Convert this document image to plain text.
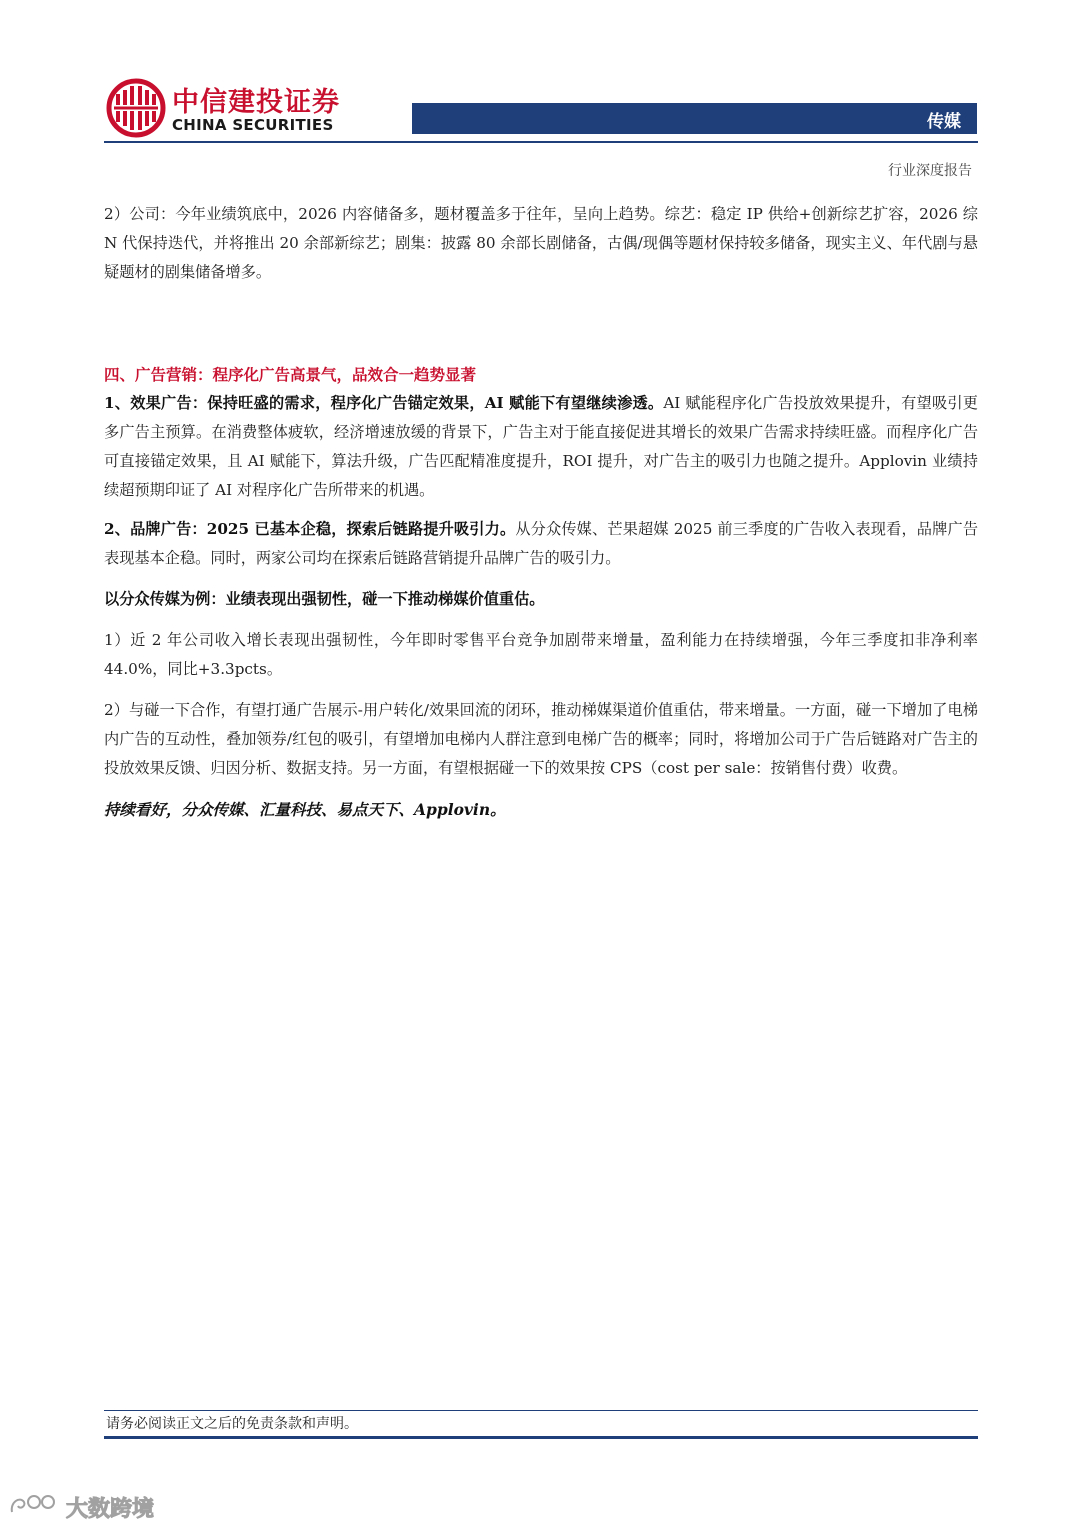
中信建投证券
CHINA SECURITIES	传媒
行业深度报告

2）公司：今年业绩筑底中，2026 内容储备多，题材覆盖多于往年，呈向上趋势。综艺：稳定 IP 供给+创新综艺扩容，2026 综 N 代保持迭代，并将推出 20 余部新综艺；剧集：披露 80 余部长剧储备，古偶/现偶等题材保持较多储备，现实主义、年代剧与悬疑题材的剧集储备增多。

四、广告营销：程序化广告高景气，品效合一趋势显著

1、效果广告：保持旺盛的需求，程序化广告锚定效果，AI 赋能下有望继续渗透。AI 赋能程序化广告投放效果提升，有望吸引更多广告主预算。在消费整体疲软，经济增速放缓的背景下，广告主对于能直接促进其增长的效果广告需求持续旺盛。而程序化广告可直接锚定效果，且 AI 赋能下，算法升级，广告匹配精准度提升，ROI 提升，对广告主的吸引力也随之提升。Applovin 业绩持续超预期印证了 AI 对程序化广告所带来的机遇。

2、品牌广告：2025 已基本企稳，探索后链路提升吸引力。从分众传媒、芒果超媒 2025 前三季度的广告收入表现看，品牌广告表现基本企稳。同时，两家公司均在探索后链路营销提升品牌广告的吸引力。

以分众传媒为例：业绩表现出强韧性，碰一下推动梯媒价值重估。

1）近 2 年公司收入增长表现出强韧性，今年即时零售平台竞争加剧带来增量，盈利能力在持续增强，今年三季度扣非净利率 44.0%，同比+3.3pcts。

2）与碰一下合作，有望打通广告展示-用户转化/效果回流的闭环，推动梯媒渠道价值重估，带来增量。一方面，碰一下增加了电梯内广告的互动性，叠加领券/红包的吸引，有望增加电梯内人群注意到电梯广告的概率；同时，将增加公司于广告后链路对广告主的投放效果反馈、归因分析、数据支持。另一方面，有望根据碰一下的效果按 CPS（cost per sale：按销售付费）收费。

持续看好，分众传媒、汇量科技、易点天下、Applovin。

请务必阅读正文之后的免责条款和声明。
大数跨境
